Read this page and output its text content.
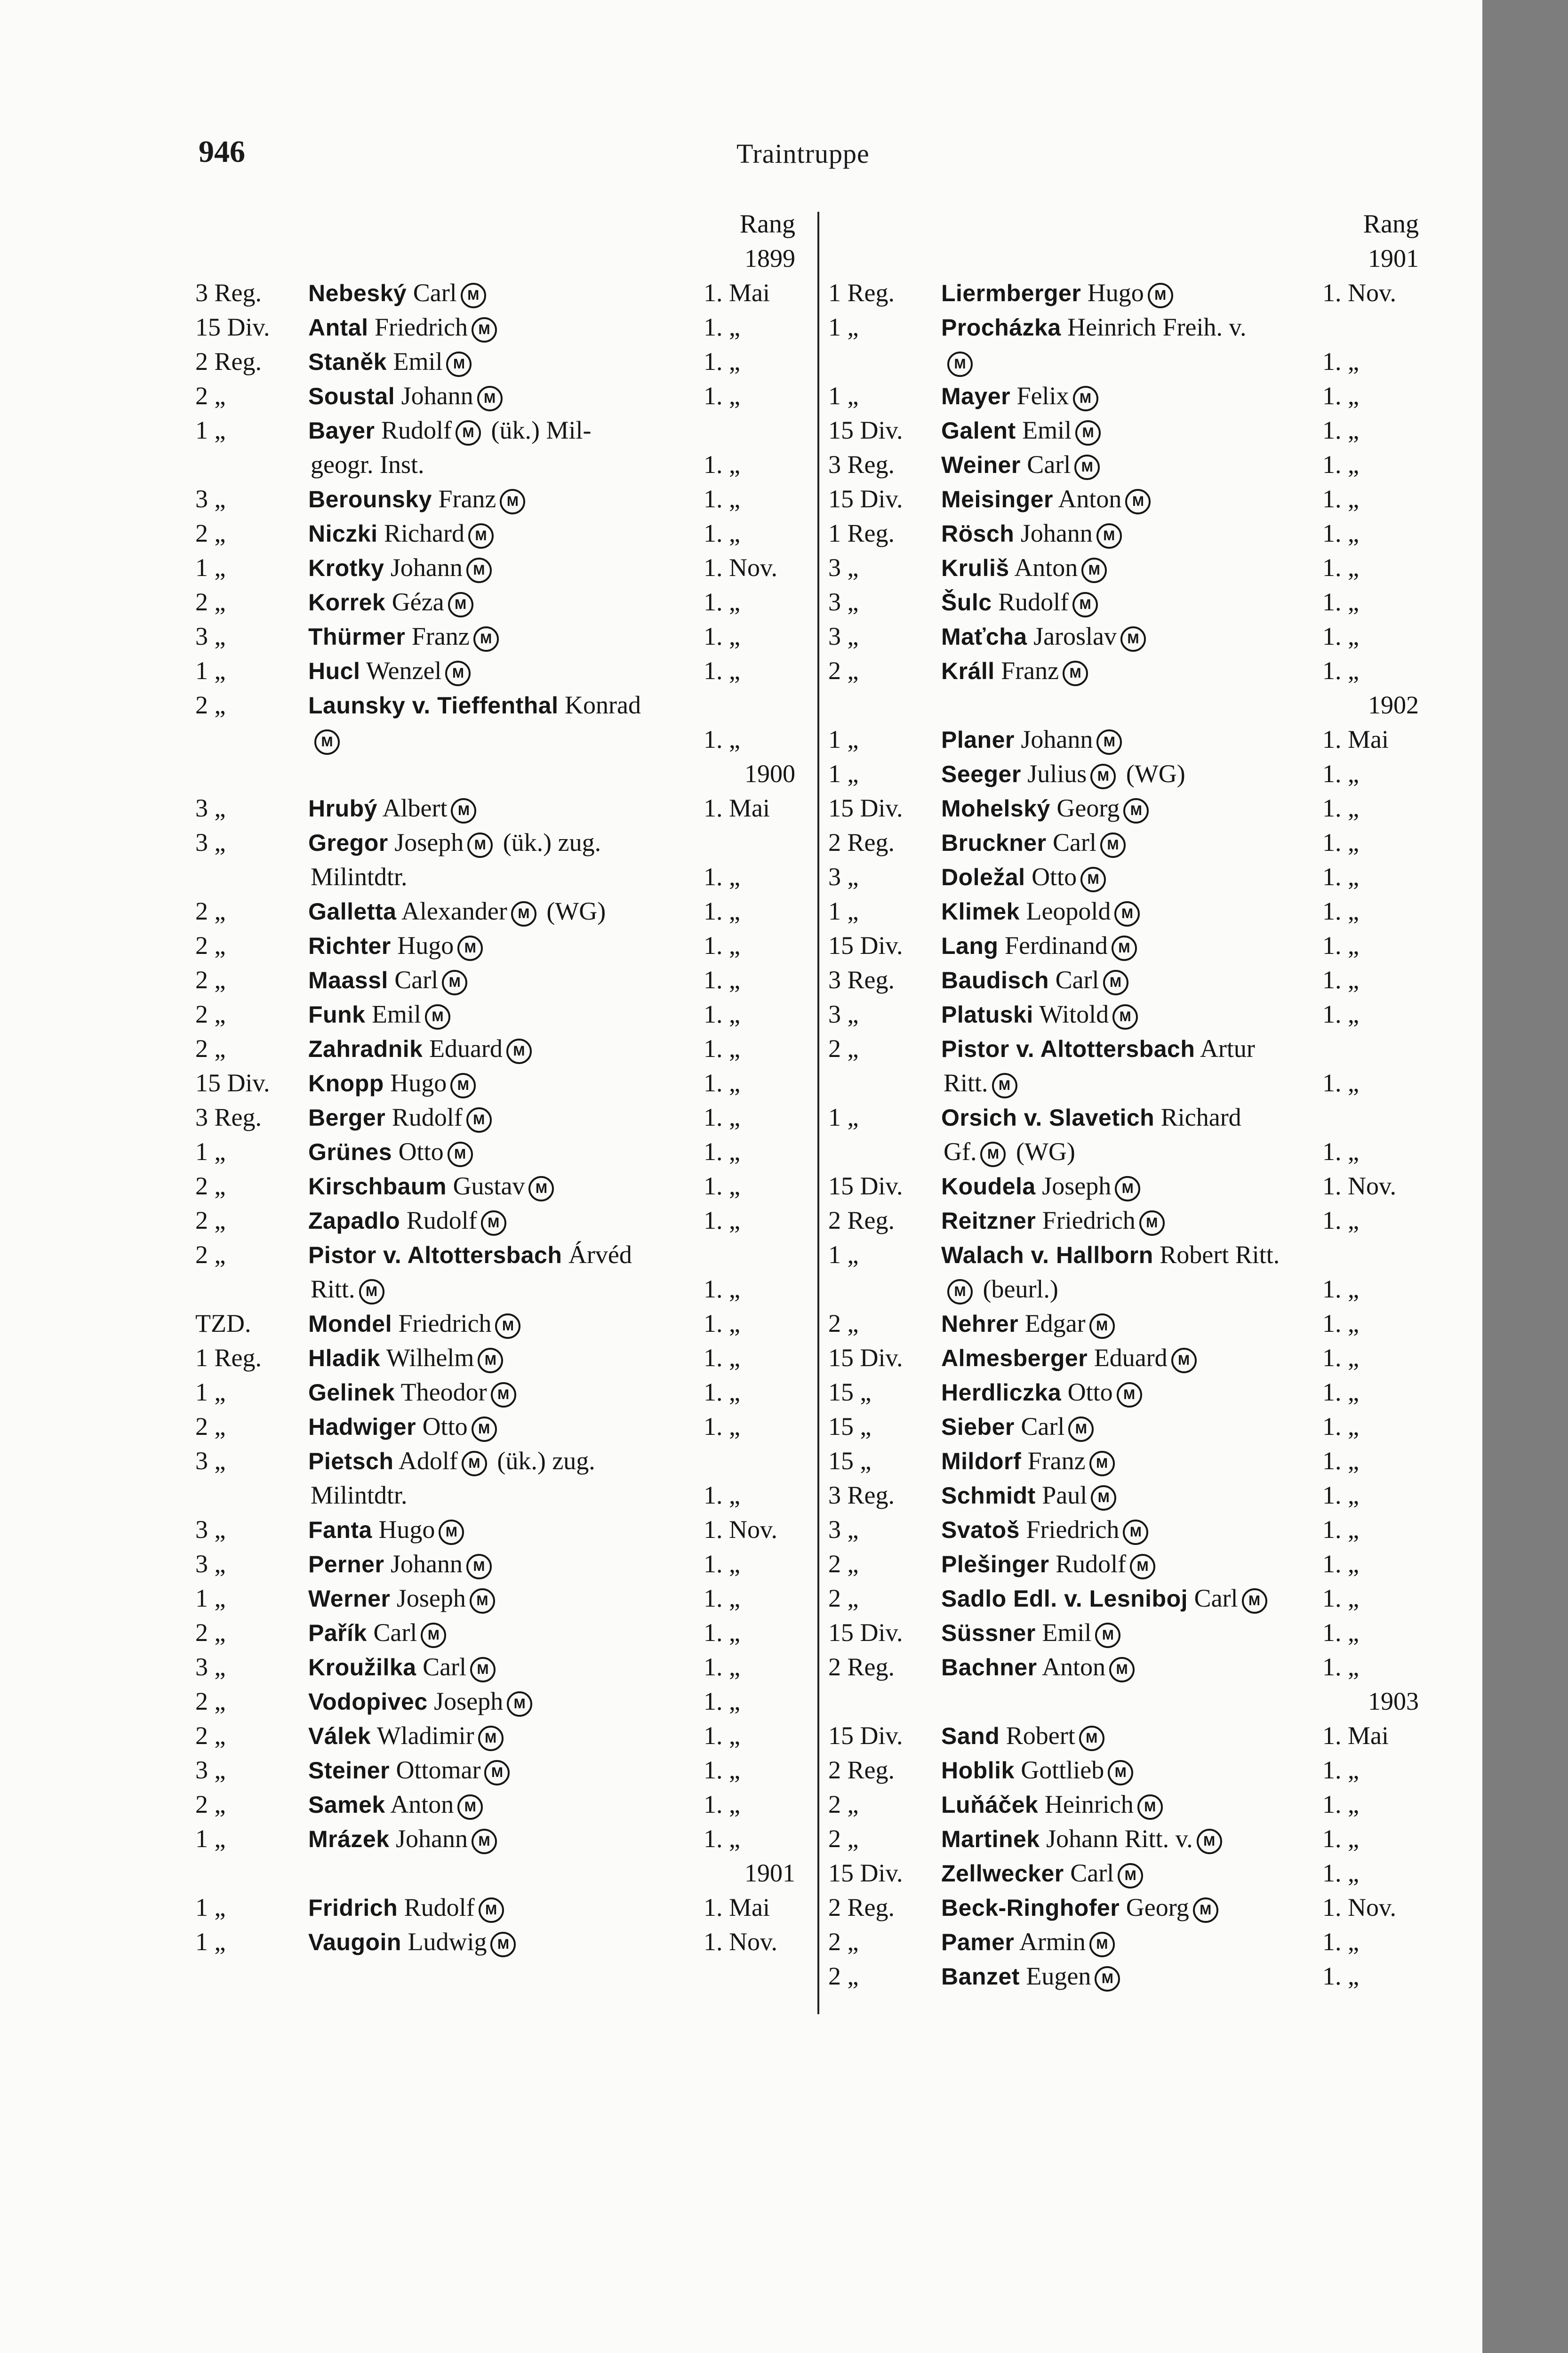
946	Traintruppe
Rang
1899
3 Reg. Nebeský Carl M	1. Mai
15 Div. Antal Friedrich M	1. „
2 Reg. Staněk Emil M	1. „
2 „	Soustal Johann M	1. „
1 „	Bayer Rudolf M (ük.) Mil-
geogr. Inst.	1. „
3 „	Berounsky Franz M	1. „
2 „	Niczki Richard M	1. „
1 „	Krotky Johann M	1. Nov.
2 „	Korrek Géza M	1. „
3 „	Thürmer Franz M	1. „
1 „	Hucl Wenzel M	1. „
2 „	Launsky v. Tieffenthal Konrad
M	1. „
1900
3 „	Hrubý Albert M	1. Mai
3 „	Gregor Joseph M (ük.) zug.
Milintdtr.	1. „
2 „	Galletta Alexander M (WG)	1. „
2 „	Richter Hugo M	1. „
2 „	Maassl Carl M	1. „
2 „	Funk Emil M	1. „
2 „	Zahradnik Eduard M	1. „
15 Div. Knopp Hugo M	1. „
3 Reg. Berger Rudolf M	1. „
1 „	Grünes Otto M	1. „
2 „	Kirschbaum Gustav M	1. „
2 „	Zapadlo Rudolf M	1. „
2 „	Pistor v. Altottersbach Árvéd
Ritt. M	1. „
TZD. Mondel Friedrich M	1. „
1 Reg. Hladik Wilhelm M	1. „
1 „	Gelinek Theodor M	1. „
2 „	Hadwiger Otto M	1. „
3 „	Pietsch Adolf M (ük.) zug.
Milintdtr.	1. „
3 „	Fanta Hugo M	1. Nov.
3 „	Perner Johann M	1. „
1 „	Werner Joseph M	1. „
2 „	Pařík Carl M	1. „
3 „	Kroužilka Carl M	1. „
2 „	Vodopivec Joseph M	1. „
2 „	Válek Wladimir M	1. „
3 „	Steiner Ottomar M	1. „
2 „	Samek Anton M	1. „
1 „	Mrázek Johann M	1. „
1901
1 „	Fridrich Rudolf M	1. Mai
1 „	Vaugoin Ludwig M	1. Nov.
Rang
1901
1 Reg. Liermberger Hugo M	1. Nov.
1 „	Procházka Heinrich Freih. v.
M	1. „
1 „	Mayer Felix M	1. „
15 Div. Galent Emil M	1. „
3 Reg. Weiner Carl M	1. „
15 Div. Meisinger Anton M	1. „
1 Reg. Rösch Johann M	1. „
3 „	Kruliš Anton M	1. „
3 „	Šulc Rudolf M	1. „
3 „	Maťcha Jaroslav M	1. „
2 „	Králl Franz M	1. „
1902
1 „	Planer Johann M	1. Mai
1 „	Seeger Julius M (WG)	1. „
15 Div. Mohelský Georg M	1. „
2 Reg. Bruckner Carl M	1. „
3 „	Doležal Otto M	1. „
1 „	Klimek Leopold M	1. „
15 Div. Lang Ferdinand M	1. „
3 Reg. Baudisch Carl M	1. „
3 „	Platuski Witold M	1. „
2 „	Pistor v. Altottersbach Artur
Ritt. M	1. „
1 „	Orsich v. Slavetich Richard
Gf. M (WG)	1. „
15 Div. Koudela Joseph M	1. Nov.
2 Reg. Reitzner Friedrich M	1. „
1 „	Walach v. Hallborn Robert Ritt.
M (beurl.)	1. „
2 „	Nehrer Edgar M	1. „
15 Div. Almesberger Eduard M	1. „
15 „	Herdliczka Otto M	1. „
15 „	Sieber Carl M	1. „
15 „	Mildorf Franz M	1. „
3 Reg. Schmidt Paul M	1. „
3 „	Svatoš Friedrich M	1. „
2 „	Plešinger Rudolf M	1. „
2 „	Sadlo Edl. v. Lesniboj Carl M 1. „
15 Div. Süssner Emil M	1. „
2 Reg. Bachner Anton M	1. „
1903
15 Div. Sand Robert M	1. Mai
2 Reg. Hoblik Gottlieb M	1. „
2 „	Luňáček Heinrich M	1. „
2 „	Martinek Johann Ritt. v. M	1. „
15 Div. Zellwecker Carl M	1. „
2 Reg. Beck-Ringhofer Georg M	1. Nov.
2 „	Pamer Armin M	1. „
2 „	Banzet Eugen M	1. „
